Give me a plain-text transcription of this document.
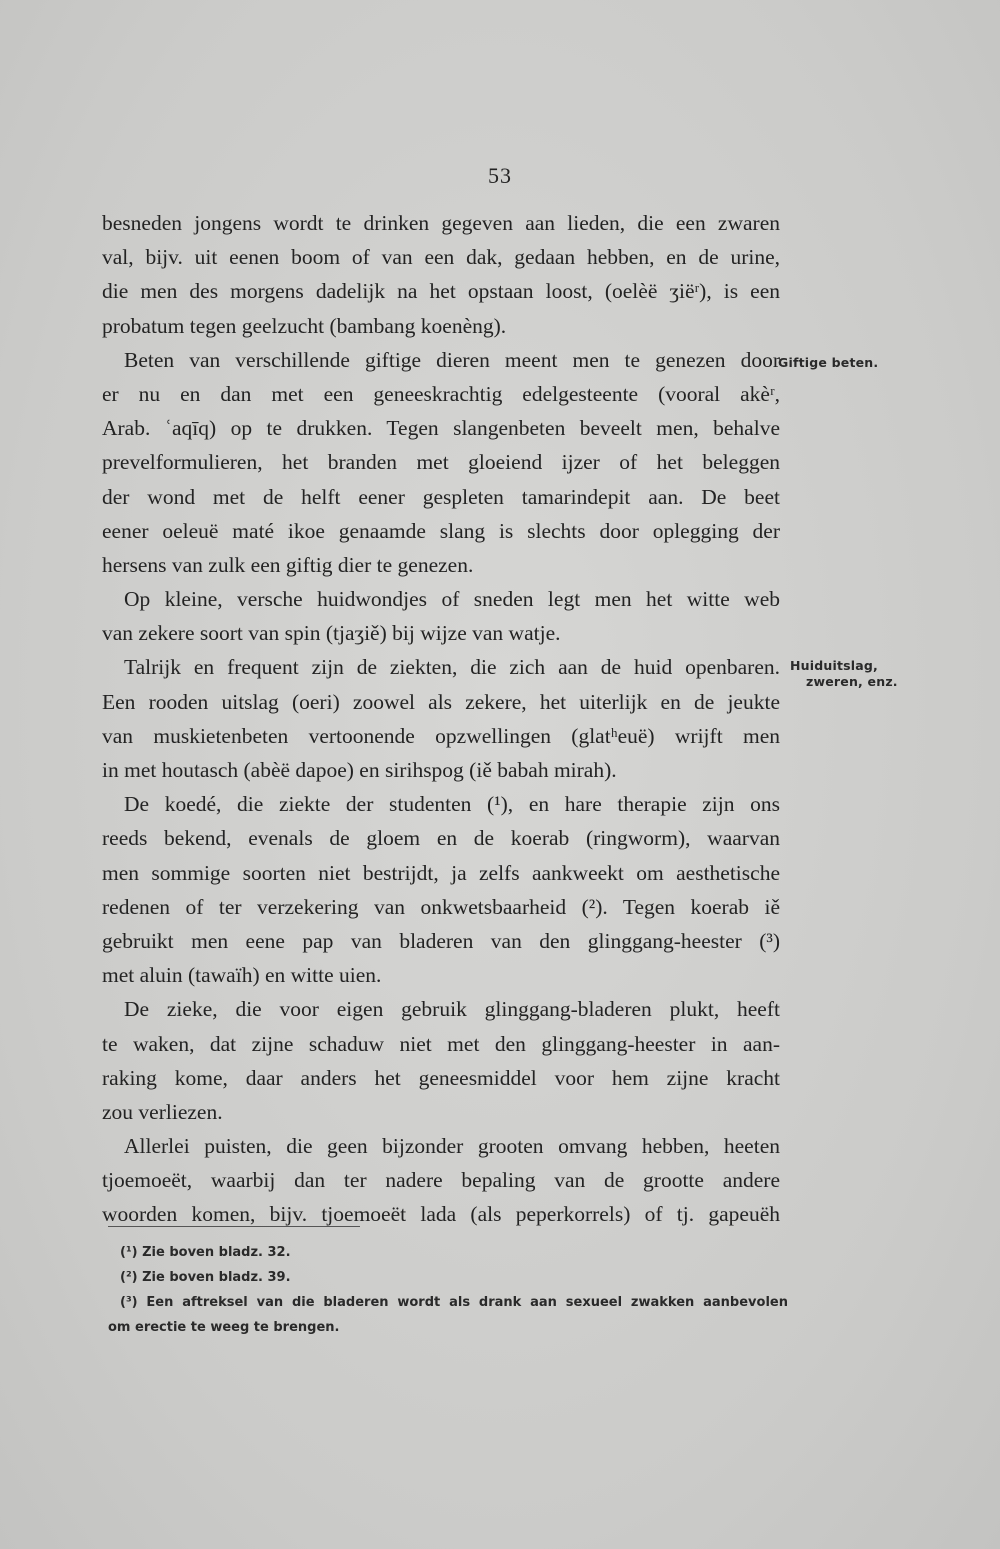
53
Giftige beten.
Huiduitslag,
zweren, enz.
besneden jongens wordt te drinken gegeven aan lieden, die een zwaren
val, bijv. uit eenen boom of van een dak, gedaan hebben, en de urine,
die men des morgens dadelijk na het opstaan loost, (oelèë ʒiëʳ), is een
probatum tegen geelzucht (bambang koenèng).
Beten van verschillende giftige dieren meent men te genezen door
er nu en dan met een geneeskrachtig edelgesteente (vooral akèʳ,
Arab. ʿaqīq) op te drukken. Tegen slangenbeten beveelt men, behalve
prevelformulieren, het branden met gloeiend ijzer of het beleggen
der wond met de helft eener gespleten tamarindepit aan. De beet
eener oeleuë maté ikoe genaamde slang is slechts door oplegging der
hersens van zulk een giftig dier te genezen.
Op kleine, versche huidwondjes of sneden legt men het witte web
van zekere soort van spin (tjaʒiě) bij wijze van watje.
Talrijk en frequent zijn de ziekten, die zich aan de huid openbaren.
Een rooden uitslag (oeri) zoowel als zekere, het uiterlijk en de jeukte
van muskietenbeten vertoonende opzwellingen (glatʰeuë) wrijft men
in met houtasch (abèë dapoe) en sirihspog (iě babah mirah).
De koedé, die ziekte der studenten (¹), en hare therapie zijn ons
reeds bekend, evenals de gloem en de koerab (ringworm), waarvan
men sommige soorten niet bestrijdt, ja zelfs aankweekt om aesthetische
redenen of ter verzekering van onkwetsbaarheid (²). Tegen koerab iě
gebruikt men eene pap van bladeren van den glinggang-heester (³)
met aluin (tawaïh) en witte uien.
De zieke, die voor eigen gebruik glinggang-bladeren plukt, heeft
te waken, dat zijne schaduw niet met den glinggang-heester in aan-
raking kome, daar anders het geneesmiddel voor hem zijne kracht
zou verliezen.
Allerlei puisten, die geen bijzonder grooten omvang hebben, heeten
tjoemoeët, waarbij dan ter nadere bepaling van de grootte andere
woorden komen, bijv. tjoemoeët lada (als peperkorrels) of tj. gapeuëh
(¹) Zie boven bladz. 32.
(²) Zie boven bladz. 39.
(³) Een aftreksel van die bladeren wordt als drank aan sexueel zwakken aanbevolen
om erectie te weeg te brengen.
